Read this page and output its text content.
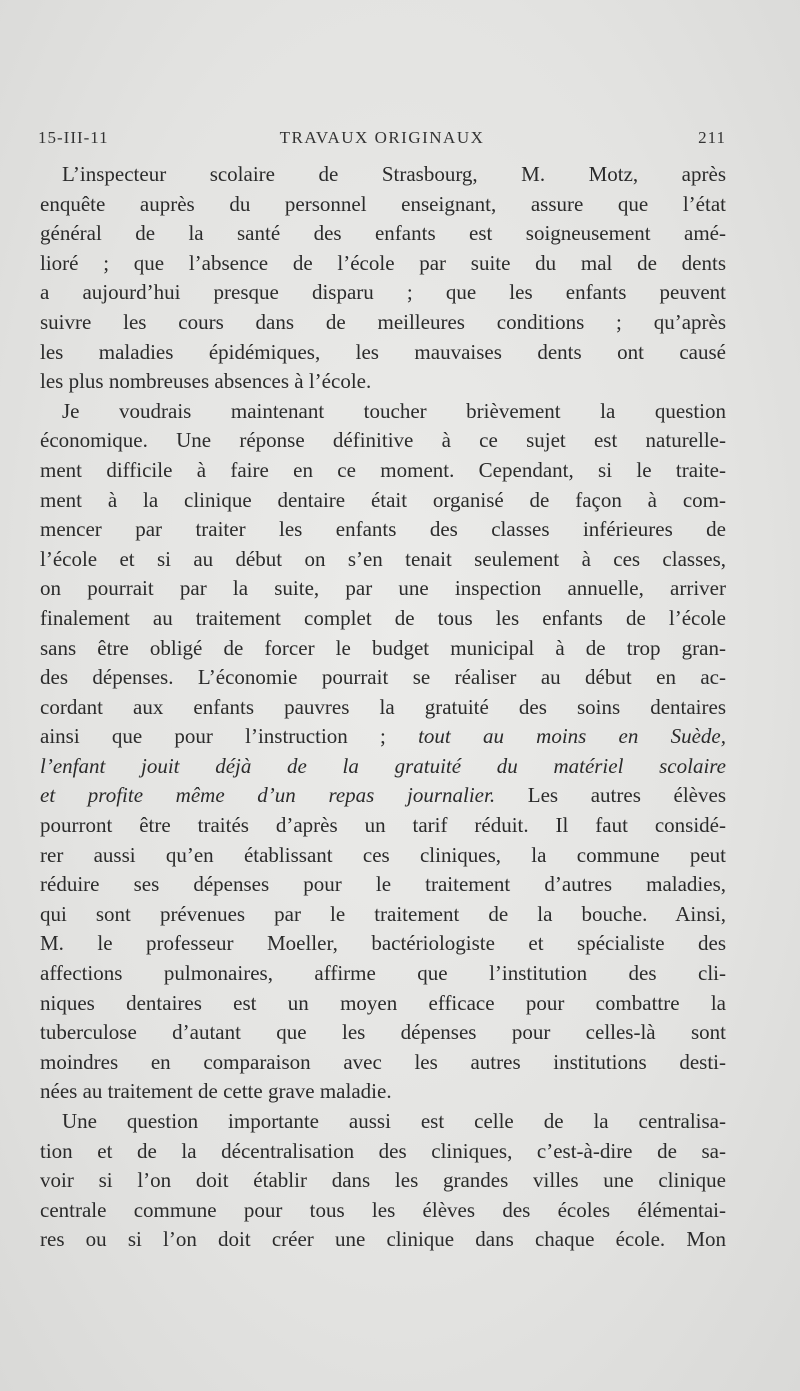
15-III-11	TRAVAUX ORIGINAUX	211
L’inspecteur scolaire de Strasbourg, M. Motz, après
enquête auprès du personnel enseignant, assure que l’état
général de la santé des enfants est soigneusement amé-
lioré ; que l’absence de l’école par suite du mal de dents
a aujourd’hui presque disparu ; que les enfants peuvent
suivre les cours dans de meilleures conditions ; qu’après
les maladies épidémiques, les mauvaises dents ont causé
les plus nombreuses absences à l’école.
Je voudrais maintenant toucher brièvement la question
économique. Une réponse définitive à ce sujet est naturelle-
ment difficile à faire en ce moment. Cependant, si le traite-
ment à la clinique dentaire était organisé de façon à com-
mencer par traiter les enfants des classes inférieures de
l’école et si au début on s’en tenait seulement à ces classes,
on pourrait par la suite, par une inspection annuelle, arriver
finalement au traitement complet de tous les enfants de l’école
sans être obligé de forcer le budget municipal à de trop gran-
des dépenses. L’économie pourrait se réaliser au début en ac-
cordant aux enfants pauvres la gratuité des soins dentaires
ainsi que pour l’instruction ; tout au moins en Suède,
l’enfant jouit déjà de la gratuité du matériel scolaire
et profite même d’un repas journalier. Les autres élèves
pourront être traités d’après un tarif réduit. Il faut considé-
rer aussi qu’en établissant ces cliniques, la commune peut
réduire ses dépenses pour le traitement d’autres maladies,
qui sont prévenues par le traitement de la bouche. Ainsi,
M. le professeur Moeller, bactériologiste et spécialiste des
affections pulmonaires, affirme que l’institution des cli-
niques dentaires est un moyen efficace pour combattre la
tuberculose d’autant que les dépenses pour celles-là sont
moindres en comparaison avec les autres institutions desti-
nées au traitement de cette grave maladie.
Une question importante aussi est celle de la centralisa-
tion et de la décentralisation des cliniques, c’est-à-dire de sa-
voir si l’on doit établir dans les grandes villes une clinique
centrale commune pour tous les élèves des écoles élémentai-
res ou si l’on doit créer une clinique dans chaque école. Mon
